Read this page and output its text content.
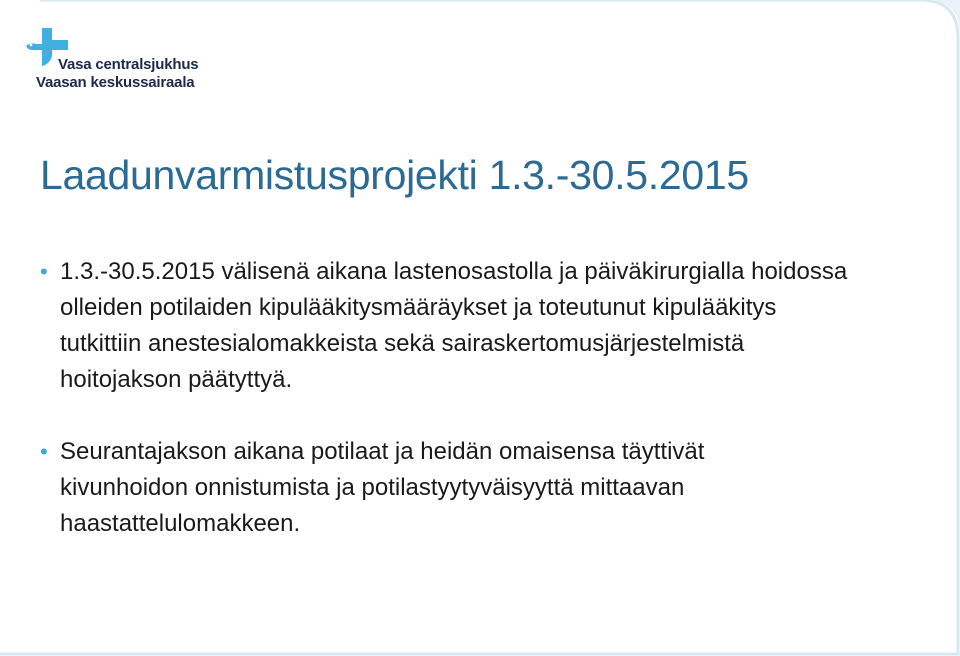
Vasa centralsjukhus
Vaasan keskussairaala
Laadunvarmistusprojekti 1.3.-30.5.2015
• 1.3.-30.5.2015 välisenä aikana lastenosastolla ja päiväkirurgialla hoidossa olleiden potilaiden kipulääkitysmääräykset ja toteutunut kipulääkitys tutkittiin anestesialomakkeista sekä sairaskertomusjärjestelmistä hoitojakson päätyttyä.
• Seurantajakson aikana potilaat ja heidän omaisensa täyttivät kivunhoidon onnistumista ja potilastyytyväisyyttä mittaavan haastattelulomakkeen.
